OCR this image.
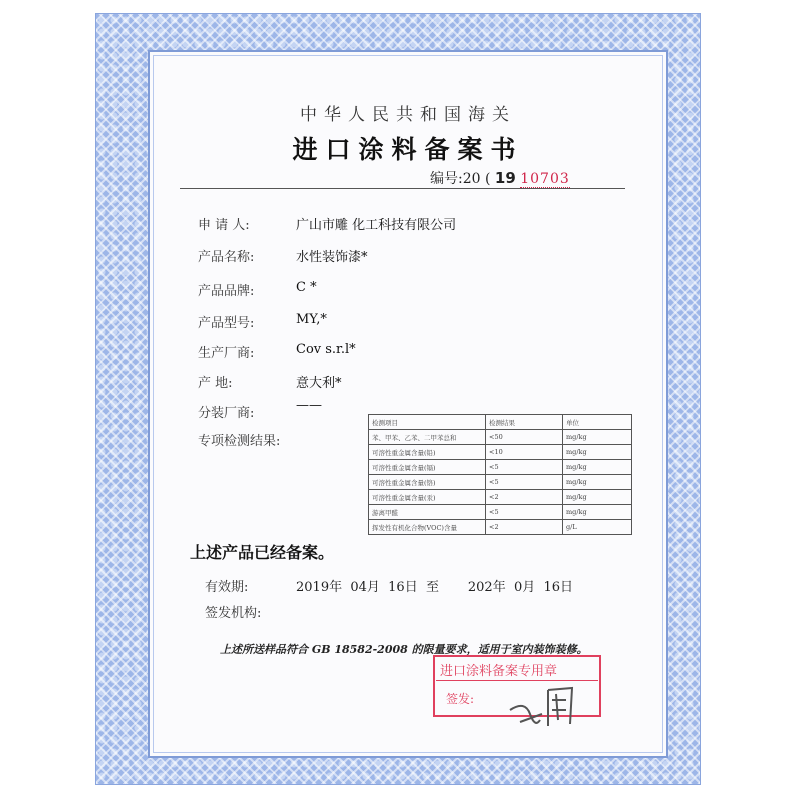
中华人民共和国海关
进口涂料备案书
编号:20 ( 19 10703
申 请 人:	广山市雕 化工科技有限公司
产品名称:	水性装饰漆*
产品品牌:	C *
产品型号:	MY,*
生产厂商:	Cov s.r.l*
产 地:	意大利*
分装厂商:
——
专项检测结果:
检测项目	检测结果	单位
苯、甲苯、乙苯、二甲苯总和	<50	mg/kg
可溶性重金属含量(铅)	<10	mg/kg
可溶性重金属含量(镉)	<5	mg/kg
可溶性重金属含量(铬)	<5	mg/kg
可溶性重金属含量(汞)	<2	mg/kg
游离甲醛	<5	mg/kg
挥发性有机化合物(VOC)含量	<2	g/L
上述产品已经备案。
有效期:	2019年  04月  16日  至       202年  0月  16日
签发机构:
上述所送样品符合 GB 18582-2008 的限量要求，适用于室内装饰装修。
进口涂料备案专用章
签发:
